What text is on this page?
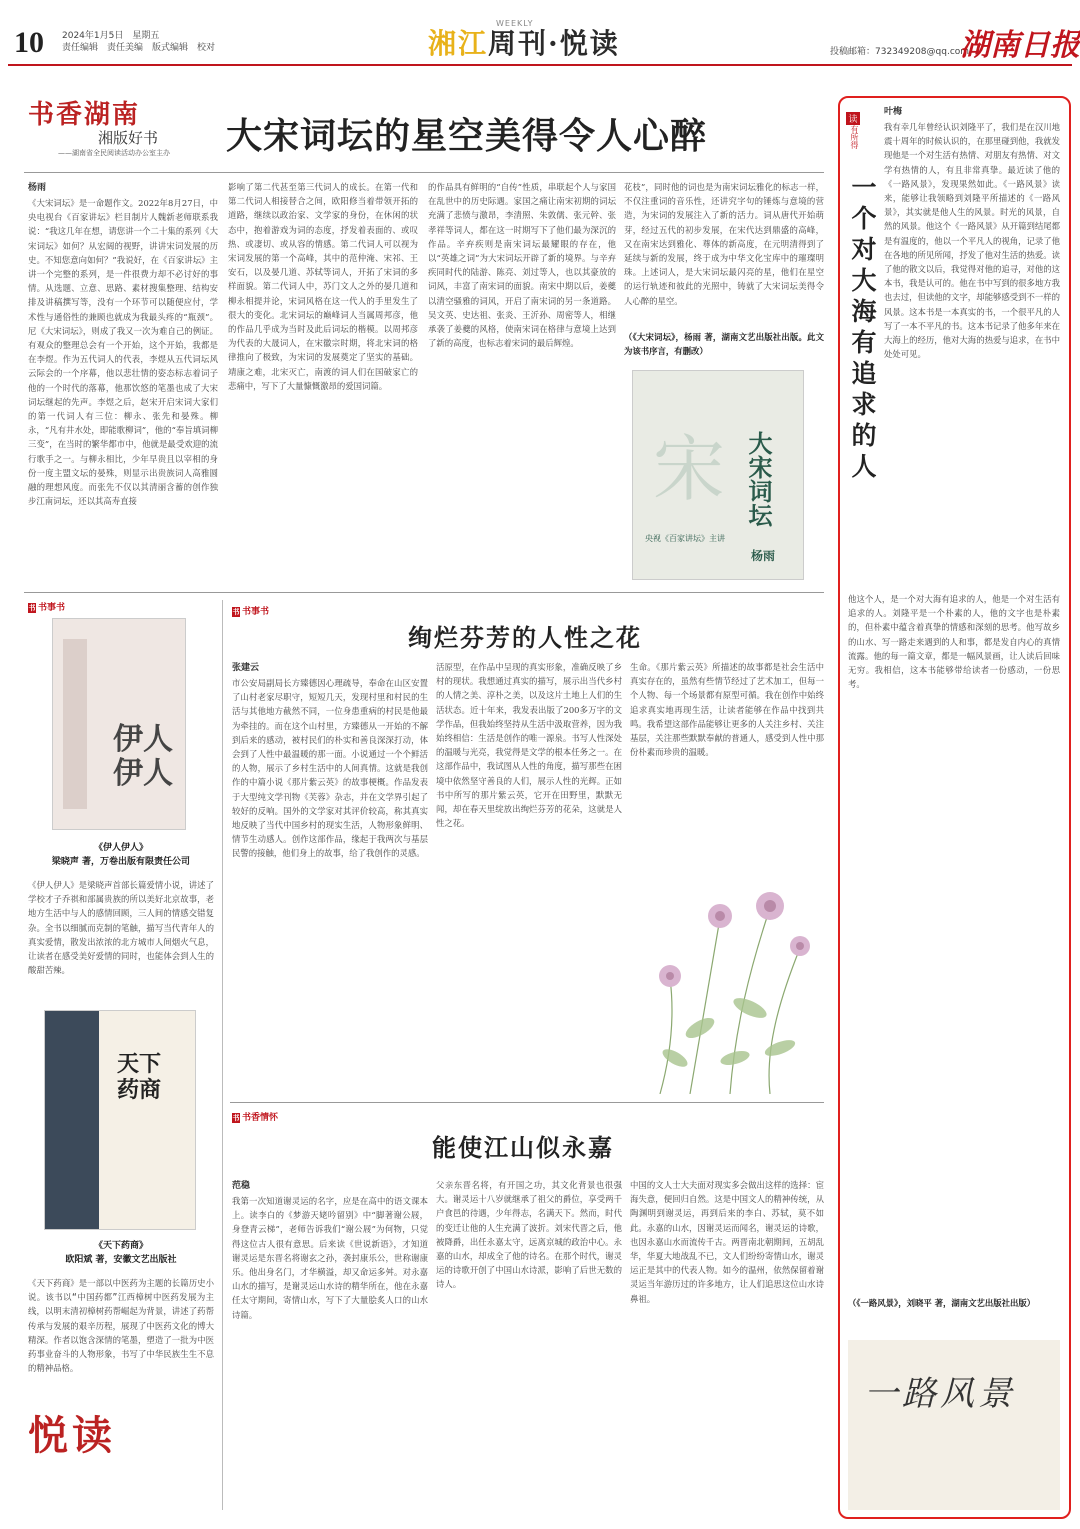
10 2024年1月5日　星期五
责任编辑　责任美编　版式编辑　校对
WEEKLY
湘江周刊·悦读	投稿邮箱：732349208@qq.com
湖南日报
书香湖南
湘版好书
——湖南省全民阅读活动办公室主办	大宋词坛的星空美得令人心醉
杨雨
《大宋词坛》是一命题作文。2022年8月27日，中央电视台《百家讲坛》栏目制片人魏新老师联系我说：“我这几年在想，请您讲一个二十集的系列《大宋词坛》如何？从宏阔的视野，讲讲宋词发展的历史。不知您意向如何？”我说好，在《百家讲坛》主讲一个完整的系列，是一件很费力却不必讨好的事情。从选题、立意、思路、素材搜集整理、结构安排及讲稿撰写等，没有一个环节可以随便应付，学术性与通俗性的兼顾也就成为我最头疼的“瓶颈”。尼《大宋词坛》，则成了我又一次为难自己的例证。有观众的整理总会有一个开始，这个开始，我都是在李煜。作为五代词人的代表，李煜从五代词坛风云际会的一个序幕，他以悲壮情的姿态标志着词子他的一个时代的落幕，他那饮悠的笔墨也成了大宋词坛继起的先声。李煜之后，赵宋开启宋词大家们的第一代词人有三位：柳永、张先和晏殊。柳永，“凡有井水处，即能歌柳词”，他的“奉旨填词柳三变”，在当时的繁华都市中，他就是最受欢迎的流行歌手之一。与柳永相比，少年早贵且以宰相的身份一度主盟文坛的晏殊，则显示出贵族词人高雅圆融的理想风度。而张先不仅以其清丽含蓄的创作独步江南词坛，还以其高寿直接
影响了第二代甚至第三代词人的成长。在第一代和第二代词人相接替合之间，欧阳修当着带领开拓的道路，继续以政治家、文学家的身份，在休闲的状态中，抱着游戏为词的态度，抒发着表面的、或叹热、或凄切、或从容的情感。第二代词人可以视为宋词发展的第一个高峰，其中的范仲淹、宋祁、王安石，以及晏几道、苏轼等词人，开拓了宋词的多样面貌。第二代词人中，苏门文人之外的晏几道和柳永相提并论，宋词风格在这一代人的手里发生了很大的变化。北宋词坛的巅峰词人当属周邦彦，他的作品几乎成为当时及此后词坛的楷模。以周邦彦为代表的大晟词人，在宋徽宗时期，将北宋词的格律推向了极致，为宋词的发展奠定了坚实的基础。靖康之难，北宋灭亡，南渡的词人们在国破家亡的悲痛中，写下了大量慷慨激昂的爱国词篇。
的作品具有鲜明的“自传”性质，串联起个人与家国在乱世中的历史际遇。家国之痛让南宋初期的词坛充满了悲愤与激昂，李清照、朱敦儒、张元幹、张孝祥等词人，都在这一时期写下了他们最为深沉的作品。辛弃疾则是南宋词坛最耀眼的存在，他以“英雄之词”为大宋词坛开辟了新的境界。与辛弃疾同时代的陆游、陈亮、刘过等人，也以其豪放的词风，丰富了南宋词的面貌。南宋中期以后，姜夔以清空骚雅的词风，开启了南宋词的另一条道路。吴文英、史达祖、张炎、王沂孙、周密等人，相继承袭了姜夔的风格，使南宋词在格律与意境上达到了新的高度，也标志着宋词的最后辉煌。
花枝”，同时他的词也是为南宋词坛雅化的标志一样，不仅注重词的音乐性，还讲究字句的锤炼与意境的营造，为宋词的发展注入了新的活力。词从唐代开始萌芽，经过五代的初步发展，在宋代达到鼎盛的高峰，又在南宋达到雅化、尊体的新高度，在元明清得到了延续与新的发展，终于成为中华文化宝库中的璀璨明珠。上述词人，是大宋词坛最闪亮的星，他们在星空的运行轨迹和彼此的光照中，铸就了大宋词坛美得令人心醉的星空。
（《大宋词坛》，杨雨 著，湖南文艺出版社出版。此文为该书序言，有删改）
大宋词坛
宋
央视《百家讲坛》主讲
杨雨
书 书事书
伊人伊人
《伊人伊人》
梁晓声 著，万卷出版有限责任公司
《伊人伊人》是梁晓声首部长篇爱情小说，讲述了学校才子乔祺和部属贵族的所以美好北京故事，老地方生活中与人的感情回顾，三人间的情感交错复杂。全书以细腻而克制的笔触，描写当代青年人的真实爱情，散发出浓浓的北方城市人间烟火气息，让读者在感受美好爱情的同时，也能体会到人生的酸甜苦辣。
天下药商
《天下药商》
欧阳斌 著，安徽文艺出版社
《天下药商》是一部以中医药为主题的长篇历史小说。该书以“中国药都”江西樟树中医药发展为主线，以明末清初樟树药帮崛起为背景，讲述了药帮传承与发展的艰辛历程，展现了中医药文化的博大精深。作者以饱含深情的笔墨，塑造了一批为中医药事业奋斗的人物形象，书写了中华民族生生不息的精神品格。
悦读
书 书事书
绚烂芬芳的人性之花
张建云
市公安局副局长方臻德因心理疏导，奉命在山区安置了山村老家尽职守，短短几天，发现村里和村民的生活与其他地方截然不同，一位身患重病的村民是他最为牵挂的。而在这个山村里，方臻德从一开始的不解到后来的感动，被村民们的朴实和善良深深打动，体会到了人性中最温暖的那一面。小说通过一个个鲜活的人物，展示了乡村生活中的人间真情。这就是我创作的中篇小说《那片紫云英》的故事梗概。作品发表于大型纯文学刊物《芙蓉》杂志，并在文学界引起了较好的反响。国外的文学家对其评价较高，称其真实地反映了当代中国乡村的现实生活，人物形象鲜明、情节生动感人。创作这部作品，缘起于我两次与基层民警的接触，他们身上的故事，给了我创作的灵感。
活原型，在作品中呈现的真实形象，准确反映了乡村的现状。我想通过真实的描写，展示出当代乡村的人情之美、淳朴之美，以及这片土地上人们的生活状态。近十年来，我发表出版了200多万字的文学作品，但我始终坚持从生活中汲取营养，因为我始终相信：生活是创作的唯一源泉。书写人性深处的温暖与光亮，我觉得是文学的根本任务之一。在这部作品中，我试图从人性的角度，描写那些在困境中依然坚守善良的人们，展示人性的光辉。正如书中所写的那片紫云英，它开在田野里，默默无闻，却在春天里绽放出绚烂芬芳的花朵，这就是人性之花。
生命。《那片紫云英》所描述的故事都是社会生活中真实存在的，虽然有些情节经过了艺术加工，但每一个人物、每一个场景都有原型可循。我在创作中始终追求真实地再现生活，让读者能够在作品中找到共鸣。我希望这部作品能够让更多的人关注乡村、关注基层，关注那些默默奉献的普通人，感受到人性中那份朴素而珍贵的温暖。
书 书香情怀
能使江山似永嘉
范稳
我第一次知道谢灵运的名字，应是在高中的语文课本上。读李白的《梦游天姥吟留别》中“脚著谢公屐，身登青云梯”，老师告诉我们“谢公屐”为何物，只觉得这位古人很有意思。后来读《世说新语》，才知道谢灵运是东晋名将谢玄之孙，袭封康乐公，世称谢康乐。他出身名门，才华横溢，却又命运多舛。对永嘉山水的描写，是谢灵运山水诗的精华所在，他在永嘉任太守期间，寄情山水，写下了大量脍炙人口的山水诗篇。
父亲东晋名将，有开国之功，其文化背景也很强大。谢灵运十八岁就继承了祖父的爵位，享受两千户食邑的待遇，少年得志，名满天下。然而，时代的变迁让他的人生充满了波折。刘宋代晋之后，他被降爵，出任永嘉太守，远离京城的政治中心。永嘉的山水，却成全了他的诗名。在那个时代，谢灵运的诗歌开创了中国山水诗派，影响了后世无数的诗人。
中国的文人士大夫面对现实多会做出这样的选择：宦海失意，便回归自然。这是中国文人的精神传统，从陶渊明到谢灵运，再到后来的李白、苏轼，莫不如此。永嘉的山水，因谢灵运而闻名，谢灵运的诗歌，也因永嘉山水而流传千古。两晋南北朝期间，五胡乱华，华夏大地战乱不已，文人们纷纷寄情山水，谢灵运正是其中的代表人物。如今的温州，依然保留着谢灵运当年游历过的许多地方，让人们追思这位山水诗鼻祖。
读
有所得
一个对大海有追求的人
叶梅
我有幸几年曾经认识刘隆平了，我们是在汉川地震十周年的时候认识的，在那里碰到他，我就发现他是一个对生活有热情、对朋友有热情、对文学有热情的人，有且非常真挚。最近读了他的《一路风景》，发现果然如此。《一路风景》读来，能够让我领略到刘隆平所描述的《一路风景》，其实就是他人生的风景。时光的风景，自然的风景。他这个《一路风景》从开篇到结尾都是有温度的，他以一个平凡人的视角，记录了他在各地的所见所闻，抒发了他对生活的热爱。读了他的散文以后，我觉得对他的追寻，对他的这本书，我是认可的。他在书中写到的很多地方我也去过，但读他的文字，却能够感受到不一样的风景。这本书是一本真实的书，一个很平凡的人写了一本不平凡的书。这本书记录了他多年来在大海上的经历，他对大海的热爱与追求，在书中处处可见。
他这个人，是一个对大海有追求的人，他是一个对生活有追求的人。刘隆平是一个朴素的人，他的文字也是朴素的，但朴素中蕴含着真挚的情感和深刻的思考。他写故乡的山水、写一路走来遇到的人和事，都是发自内心的真情流露。他的每一篇文章，都是一幅风景画，让人读后回味无穷。我相信，这本书能够带给读者一份感动，一份思考。
（《一路风景》，刘晓平 著，湖南文艺出版社出版）
一路风景
